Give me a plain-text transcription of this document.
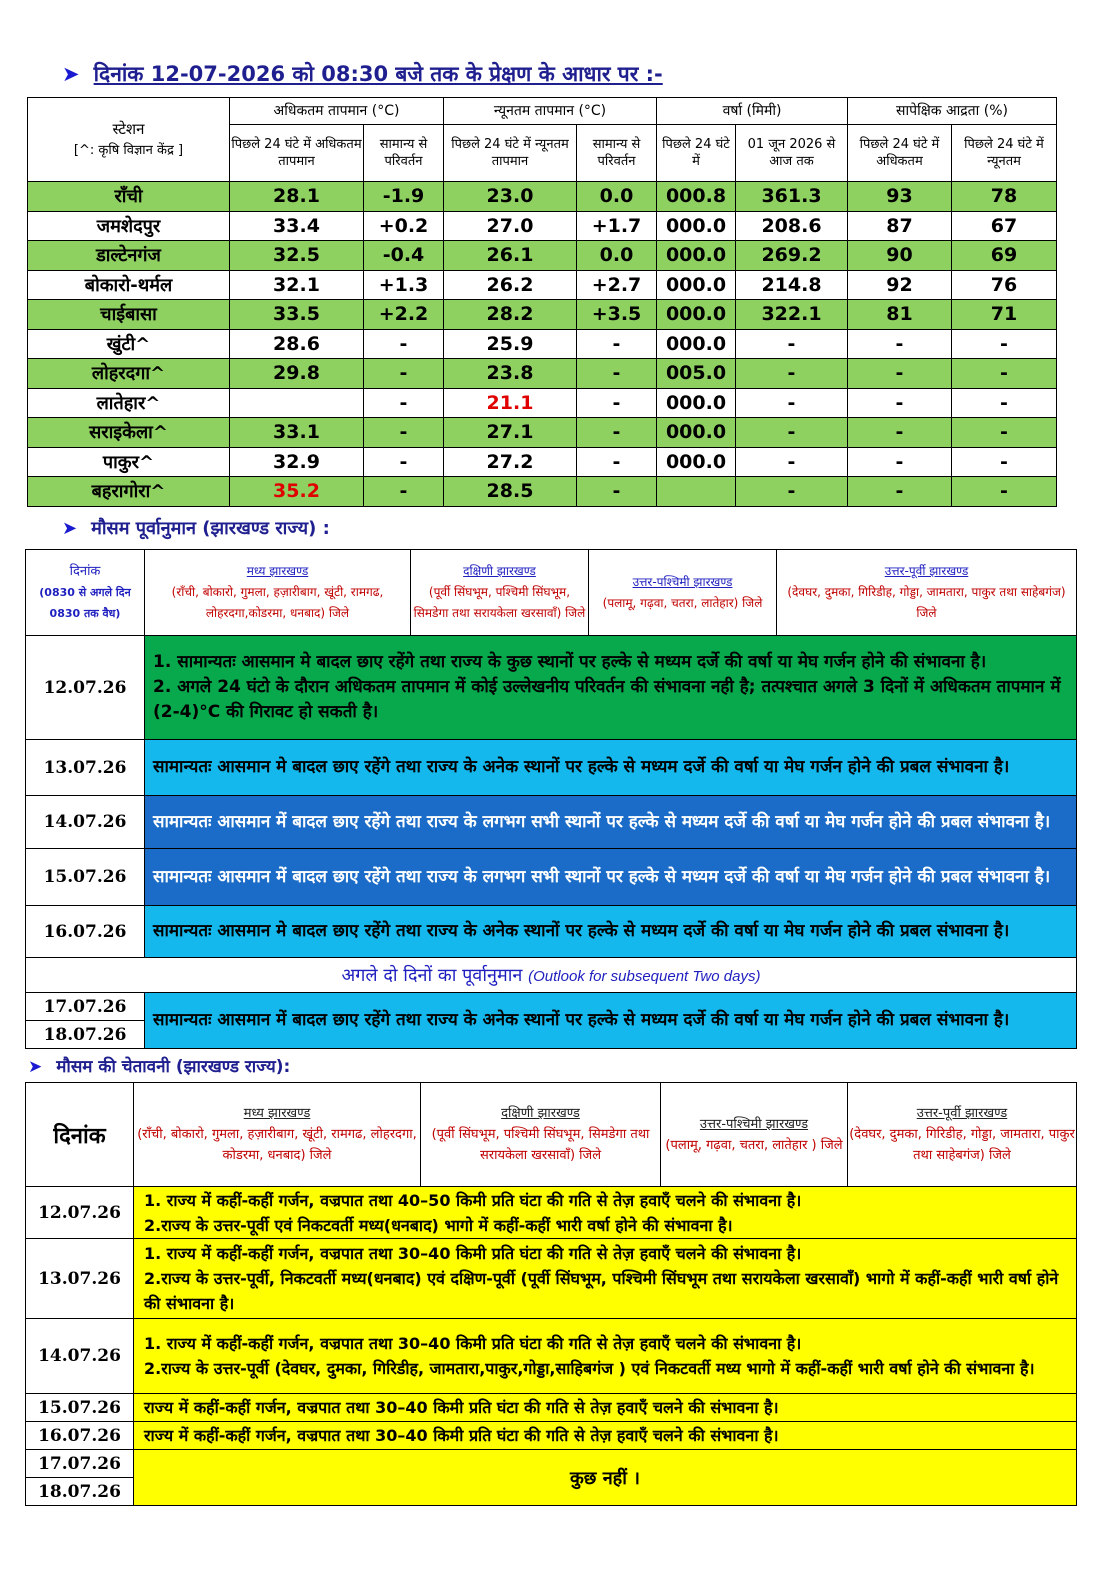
➤ दिनांक 12-07-2026 को 08:30 बजे तक के प्रेक्षण के आधार पर :-
स्टेशन
[^: कृषि विज्ञान केंद्र ]	अधिकतम तापमान (°C)		न्यूनतम तापमान (°C)		वर्षा (मिमी)		सापेक्षिक आद्रता (%)	
	पिछले 24 घंटे में अधिकतम तापमान	सामान्य से परिवर्तन	पिछले 24 घंटे में न्यूनतम तापमान	सामान्य से परिवर्तन	पिछले 24 घंटे में	01 जून 2026 से आज तक	पिछले 24 घंटे में अधिकतम	पिछले 24 घंटे में न्यूनतम
राँची	28.1	-1.9	23.0	0.0	000.8	361.3	93	78
जमशेदपुर	33.4	+0.2	27.0	+1.7	000.0	208.6	87	67
डाल्टेनगंज	32.5	-0.4	26.1	0.0	000.0	269.2	90	69
बोकारो-थर्मल	32.1	+1.3	26.2	+2.7	000.0	214.8	92	76
चाईबासा	33.5	+2.2	28.2	+3.5	000.0	322.1	81	71
खुंटी^	28.6	-	25.9	-	000.0	-	-	-
लोहरदगा^	29.8	-	23.8	-	005.0	-	-	-
लातेहार^		-	21.1	-	000.0	-	-	-
सराइकेला^	33.1	-	27.1	-	000.0	-	-	-
पाकुर^	32.9	-	27.2	-	000.0	-	-	-
बहरागोरा^	35.2	-	28.5	-		-	-	-
➤ मौसम पूर्वानुमान (झारखण्ड राज्य) :
दिनांक
(0830 से अगले दिन 0830 तक वैध)	मध्य झारखण्ड
(राँची, बोकारो, गुमला, हज़ारीबाग, खूंटी, रामगढ, लोहरदगा,कोडरमा, धनबाद) जिले	दक्षिणी झारखण्ड
(पूर्वी सिंघभूम, पश्चिमी सिंघभूम, सिमडेगा तथा सरायकेला खरसावाँ) जिले	उत्तर-पश्चिमी झारखण्ड
(पलामू, गढ़वा, चतरा, लातेहार) जिले	उत्तर-पूर्वी झारखण्ड
(देवघर, दुमका, गिरिडीह, गोड्डा, जामतारा, पाकुर तथा साहेबगंज) जिले
12.07.26	1. सामान्यतः आसमान मे बादल छाए रहेंगे तथा राज्य के कुछ स्थानों पर हल्के से मध्यम दर्जे की वर्षा या मेघ गर्जन होने की संभावना है।
2. अगले 24 घंटो के दौरान अधिकतम तापमान में कोई उल्लेखनीय परिवर्तन की संभावना नही है; तत्पश्चात अगले 3 दिनों में अधिकतम तापमान में (2-4)°C की गिरावट हो सकती है।			

13.07.26	सामान्यतः आसमान मे बादल छाए रहेंगे तथा राज्य के अनेक स्थानों पर हल्के से मध्यम दर्जे की वर्षा या मेघ गर्जन होने की प्रबल संभावना है।			
14.07.26	सामान्यतः आसमान में बादल छाए रहेंगे तथा राज्य के लगभग सभी स्थानों पर हल्के से मध्यम दर्जे की वर्षा या मेघ गर्जन होने की प्रबल संभावना है।			
15.07.26	सामान्यतः आसमान में बादल छाए रहेंगे तथा राज्य के लगभग सभी स्थानों पर हल्के से मध्यम दर्जे की वर्षा या मेघ गर्जन होने की प्रबल संभावना है।			
16.07.26	सामान्यतः आसमान मे बादल छाए रहेंगे तथा राज्य के अनेक स्थानों पर हल्के से मध्यम दर्जे की वर्षा या मेघ गर्जन होने की प्रबल संभावना है।			
अगले दो दिनों का पूर्वानुमान (Outlook for subsequent Two days)				
17.07.26	सामान्यतः आसमान में बादल छाए रहेंगे तथा राज्य के अनेक स्थानों पर हल्के से मध्यम दर्जे की वर्षा या मेघ गर्जन होने की प्रबल संभावना है।			
18.07.26				
➤ मौसम की चेतावनी (झारखण्ड राज्य):
दिनांक	मध्य झारखण्ड
(राँची, बोकारो, गुमला, हज़ारीबाग, खूंटी, रामगढ, लोहरदगा, कोडरमा, धनबाद) जिले	दक्षिणी झारखण्ड
(पूर्वी सिंघभूम, पश्चिमी सिंघभूम, सिमडेगा तथा सरायकेला खरसावाँ) जिले	उत्तर-पश्चिमी झारखण्ड
(पलामू, गढ़वा, चतरा, लातेहार ) जिले	उत्तर-पूर्वी झारखण्ड
(देवघर, दुमका, गिरिडीह, गोड्डा, जामतारा, पाकुर तथा साहेबगंज) जिले
12.07.26	1. राज्य में कहीं-कहीं गर्जन, वज्रपात तथा 40–50 किमी प्रति घंटा की गति से तेज़ हवाएँ चलने की संभावना है।
2.राज्य के उत्तर-पूर्वी एवं निकटवर्ती मध्य(धनबाद) भागो में कहीं-कहीं भारी वर्षा होने की संभावना है।			

13.07.26	1. राज्य में कहीं-कहीं गर्जन, वज्रपात तथा 30–40 किमी प्रति घंटा की गति से तेज़ हवाएँ चलने की संभावना है।
2.राज्य के उत्तर-पूर्वी, निकटवर्ती मध्य(धनबाद) एवं दक्षिण-पूर्वी (पूर्वी सिंघभूम, पश्चिमी सिंघभूम तथा सरायकेला खरसावाँ) भागो में कहीं-कहीं भारी वर्षा होने की संभावना है।			

14.07.26	1. राज्य में कहीं-कहीं गर्जन, वज्रपात तथा 30–40 किमी प्रति घंटा की गति से तेज़ हवाएँ चलने की संभावना है।
2.राज्य के उत्तर-पूर्वी (देवघर, दुमका, गिरिडीह, जामतारा,पाकुर,गोड्डा,साहिबगंज ) एवं निकटवर्ती मध्य भागो में कहीं-कहीं भारी वर्षा होने की संभावना है।			

15.07.26	राज्य में कहीं-कहीं गर्जन, वज्रपात तथा 30–40 किमी प्रति घंटा की गति से तेज़ हवाएँ चलने की संभावना है।			
16.07.26	राज्य में कहीं-कहीं गर्जन, वज्रपात तथा 30–40 किमी प्रति घंटा की गति से तेज़ हवाएँ चलने की संभावना है।			
17.07.26	कुछ नहीं ।			
18.07.26				
